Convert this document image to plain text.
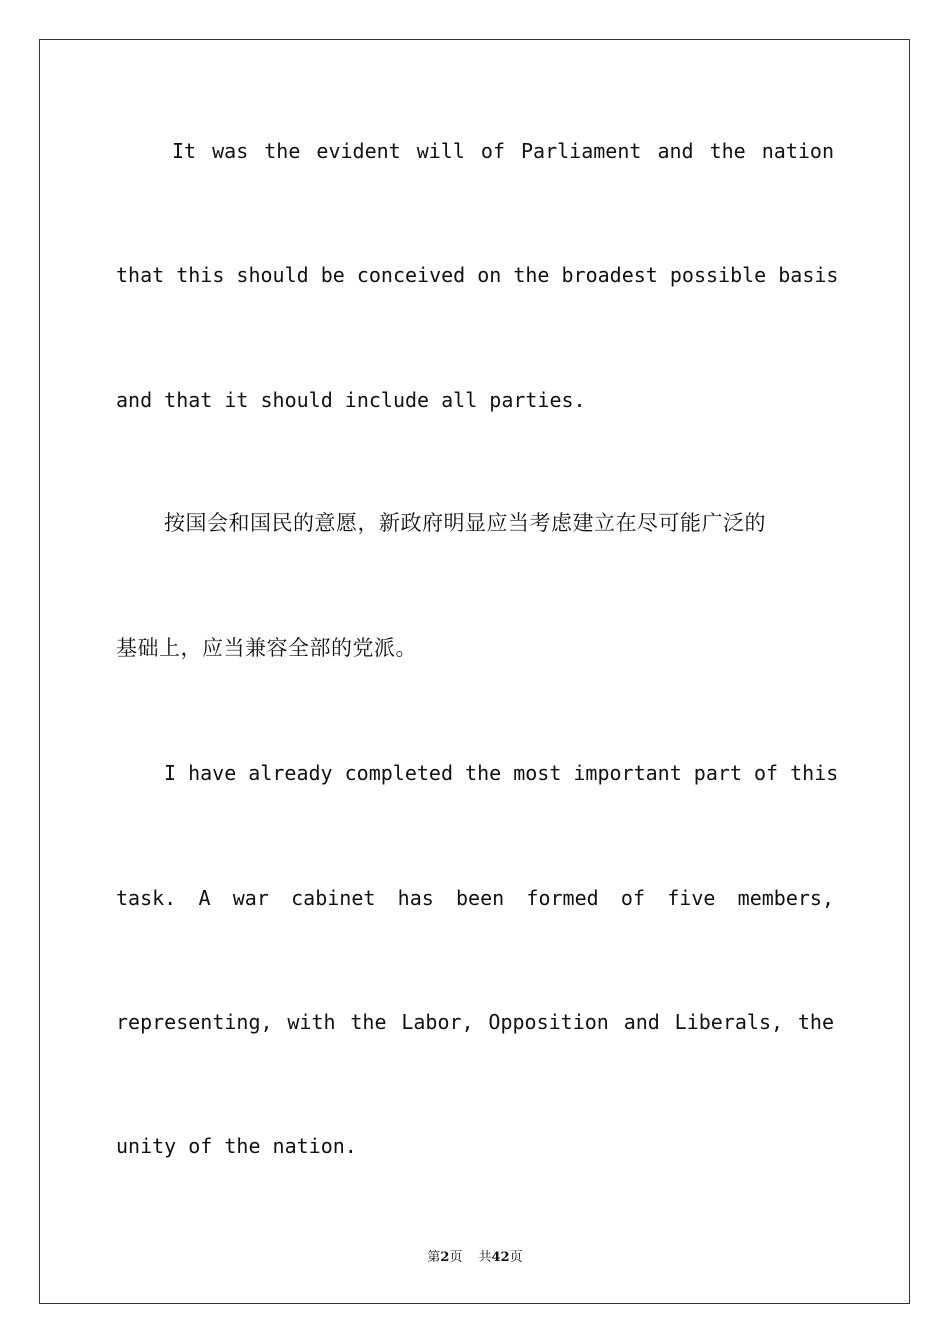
It was the evident will of Parliament and the nation
that this should be conceived on the broadest possible basis
and that it should include all parties.
按国会和国民的意愿，新政府明显应当考虑建立在尽可能广泛的
基础上，应当兼容全部的党派。
I have already completed the most important part of this
task. A war cabinet has been formed of five members,
representing, with the Labor, Opposition and Liberals, the
unity of the nation.
第2页 共42页
